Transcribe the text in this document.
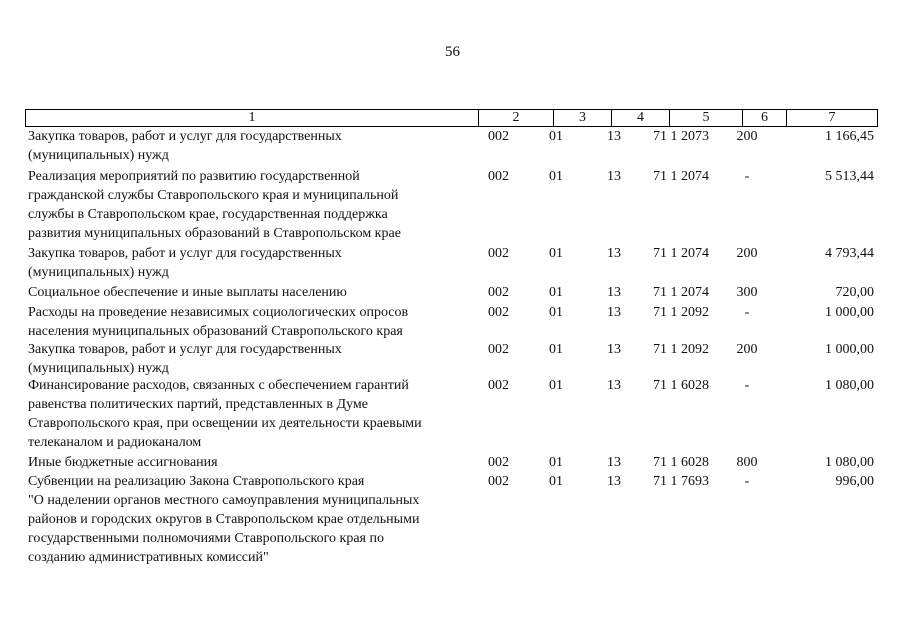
56
1	2	3	4	5	6	7
Закупка товаров, работ и услуг для государственных
(муниципальных) нужд
002	01	13 71 1 2073	200	1 166,45
Реализация мероприятий по развитию государственной
гражданской службы Ставропольского края и муниципальной
службы в Ставропольском крае, государственная поддержка
развития муниципальных образований в Ставропольском крае
002	01	13 71 1 2074	-	5 513,44
Закупка товаров, работ и услуг для государственных
(муниципальных) нужд
002	01	13 71 1 2074	200	4 793,44
Социальное обеспечение и иные выплаты населению	002	01	13 71 1 2074	300	720,00
Расходы на проведение независимых социологических опросов
населения муниципальных образований Ставропольского края
002	01	13 71 1 2092	-	1 000,00
Закупка товаров, работ и услуг для государственных
(муниципальных) нужд
002	01	13 71 1 2092	200	1 000,00
Финансирование расходов, связанных с обеспечением гарантий
равенства политических партий, представленных в Думе
Ставропольского края, при освещении их деятельности краевыми
телеканалом и радиоканалом
002	01	13 71 1 6028	-	1 080,00
Иные бюджетные ассигнования	002	01	13 71 1 6028	800	1 080,00
Субвенции на реализацию Закона Ставропольского края
"О наделении органов местного самоуправления муниципальных
районов и городских округов в Ставропольском крае отдельными
государственными полномочиями Ставропольского края по
созданию административных комиссий"
002	01	13 71 1 7693	-	996,00
